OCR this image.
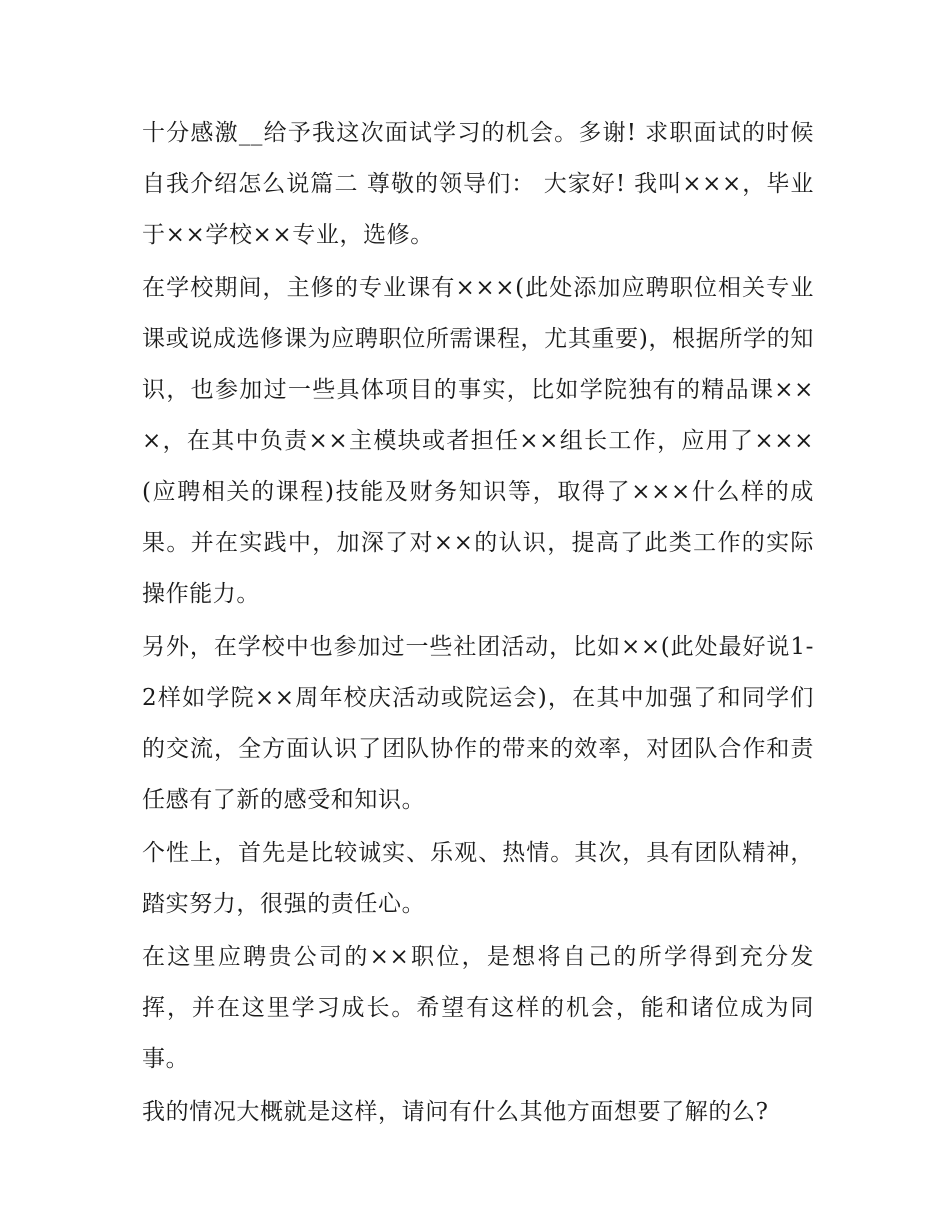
十分感激__给予我这次面试学习的机会。多谢! 求职面试的时候自我介绍怎么说篇二 尊敬的领导们： 大家好! 我叫×××，毕业于××学校××专业，选修。

在学校期间，主修的专业课有×××(此处添加应聘职位相关专业课或说成选修课为应聘职位所需课程，尤其重要)，根据所学的知识，也参加过一些具体项目的事实，比如学院独有的精品课×××，在其中负责××主模块或者担任××组长工作，应用了×××(应聘相关的课程)技能及财务知识等，取得了×××什么样的成果。并在实践中，加深了对××的认识，提高了此类工作的实际操作能力。

另外，在学校中也参加过一些社团活动，比如××(此处最好说1-2样如学院××周年校庆活动或院运会)，在其中加强了和同学们的交流，全方面认识了团队协作的带来的效率，对团队合作和责任感有了新的感受和知识。

个性上，首先是比较诚实、乐观、热情。其次，具有团队精神，踏实努力，很强的责任心。

在这里应聘贵公司的××职位，是想将自己的所学得到充分发挥，并在这里学习成长。希望有这样的机会，能和诸位成为同事。

我的情况大概就是这样，请问有什么其他方面想要了解的么?
